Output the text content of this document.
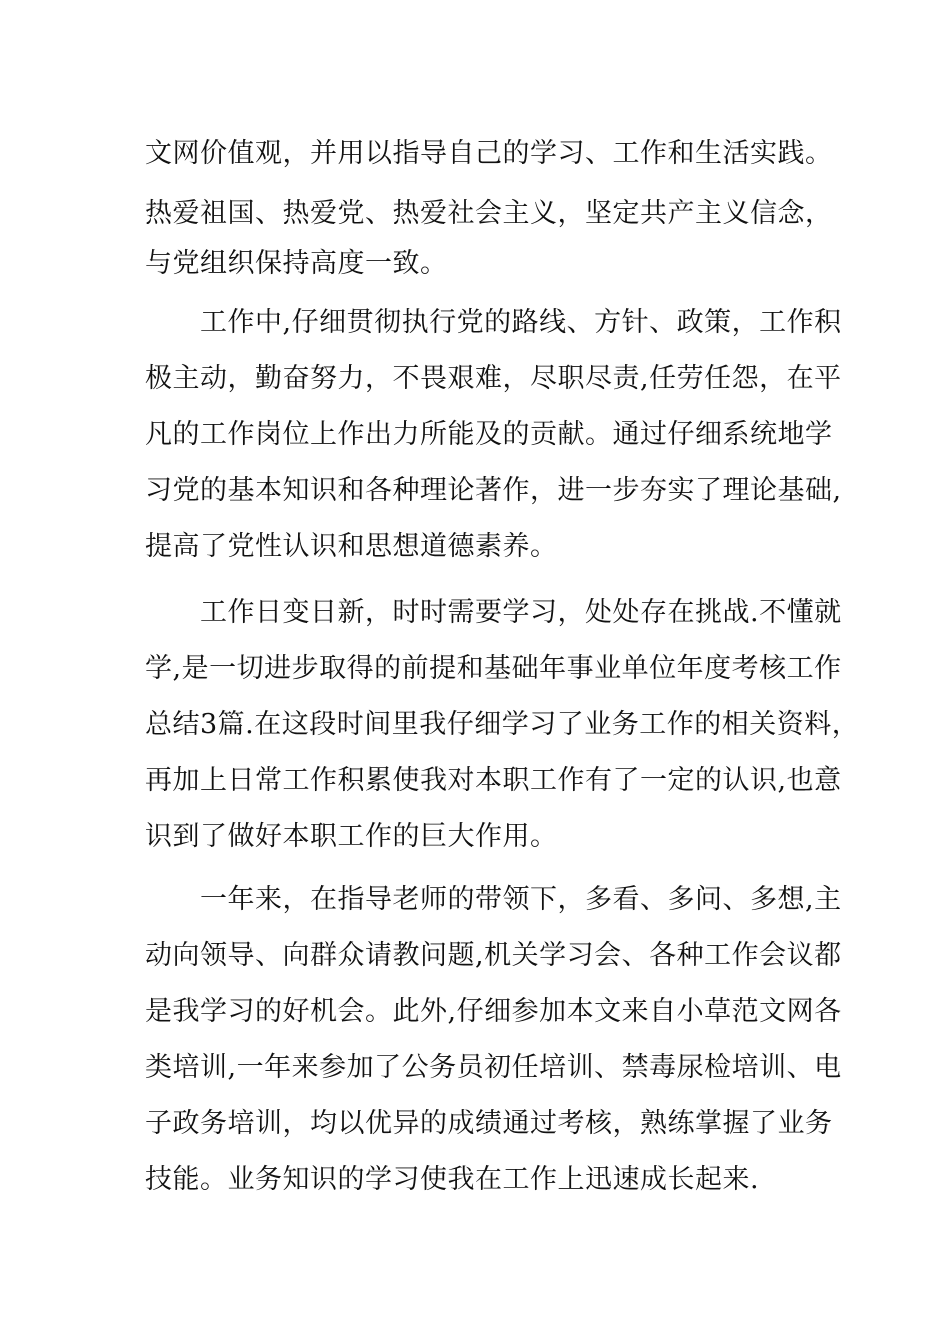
文网价值观，并用以指导自己的学习、工作和生活实践。
热爱祖国、热爱党、热爱社会主义，坚定共产主义信念，
与党组织保持高度一致。
　　工作中,仔细贯彻执行党的路线、方针、政策，工作积
极主动，勤奋努力，不畏艰难，尽职尽责,任劳任怨，在平
凡的工作岗位上作出力所能及的贡献。通过仔细系统地学
习党的基本知识和各种理论著作，进一步夯实了理论基础,
提高了党性认识和思想道德素养。
　　工作日变日新，时时需要学习，处处存在挑战.不懂就
学,是一切进步取得的前提和基础年事业单位年度考核工作
总结3篇.在这段时间里我仔细学习了业务工作的相关资料，
再加上日常工作积累使我对本职工作有了一定的认识,也意
识到了做好本职工作的巨大作用。
　　一年来，在指导老师的带领下，多看、多问、多想,主
动向领导、向群众请教问题,机关学习会、各种工作会议都
是我学习的好机会。此外,仔细参加本文来自小草范文网各
类培训,一年来参加了公务员初任培训、禁毒尿检培训、电
子政务培训，均以优异的成绩通过考核，熟练掌握了业务
技能。业务知识的学习使我在工作上迅速成长起来.
